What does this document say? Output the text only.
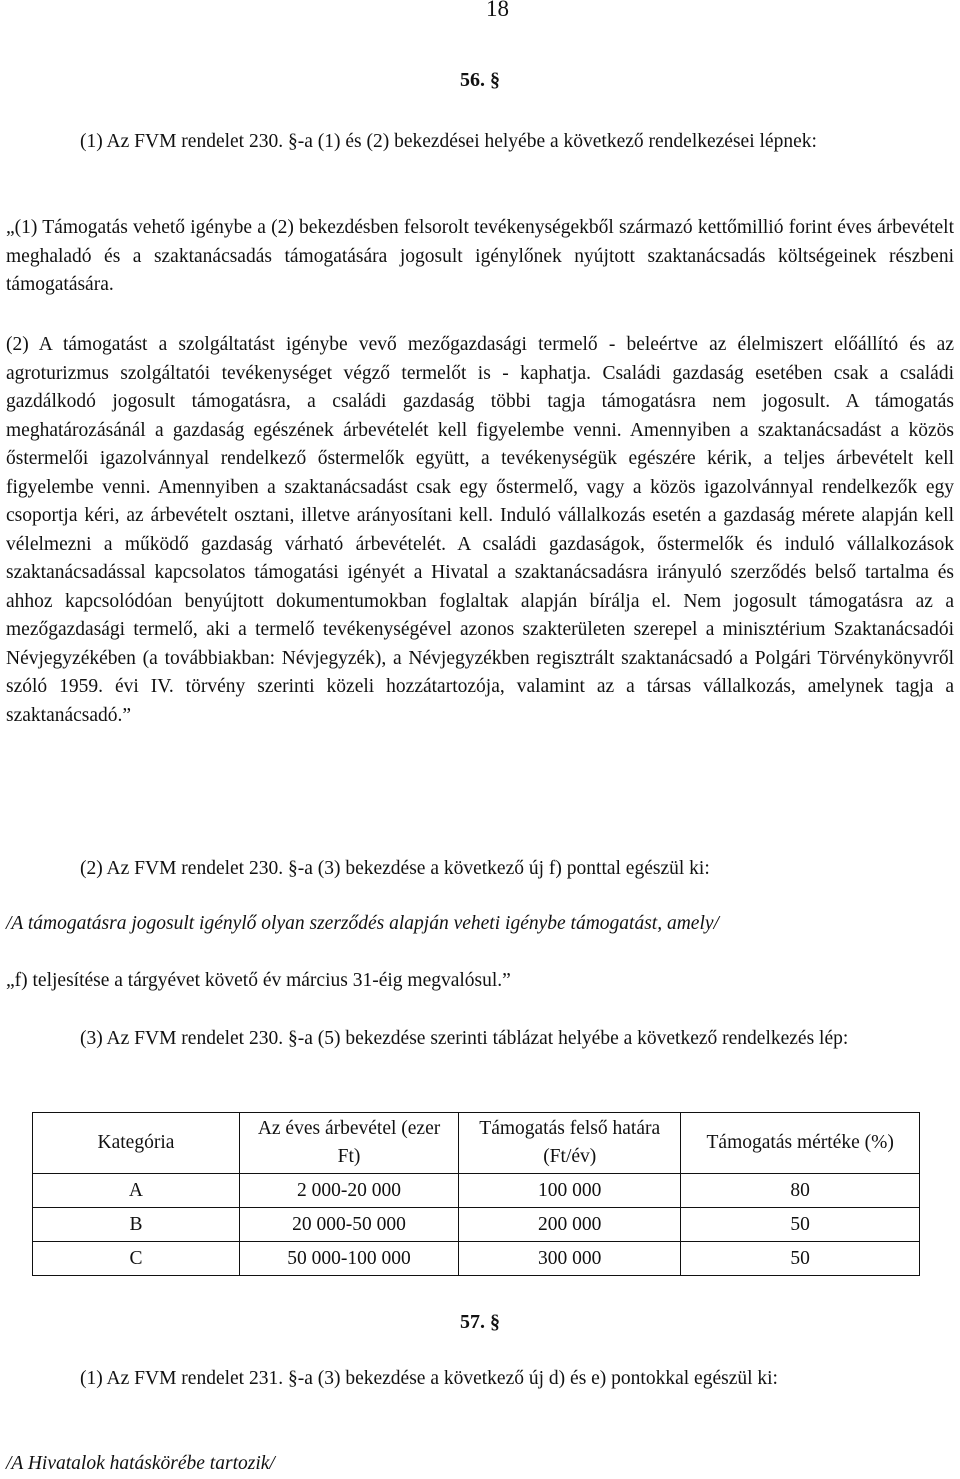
18
56. §

(1) Az FVM rendelet 230. §-a (1) és (2) bekezdései helyébe a következő rendelkezései lépnek:

„(1) Támogatás vehető igénybe a (2) bekezdésben felsorolt tevékenységekből származó kettőmillió forint éves árbevételt meghaladó és a szaktanácsadás támogatására jogosult igénylőnek nyújtott szaktanácsadás költségeinek részbeni támogatására.

(2) A támogatást a szolgáltatást igénybe vevő mezőgazdasági termelő - beleértve az élelmiszert előállító és az agroturizmus szolgáltatói tevékenységet végző termelőt is - kaphatja. Családi gazdaság esetében csak a családi gazdálkodó jogosult támogatásra, a családi gazdaság többi tagja támogatásra nem jogosult. A támogatás meghatározásánál a gazdaság egészének árbevételét kell figyelembe venni. Amennyiben a szaktanácsadást a közös őstermelői igazolvánnyal rendelkező őstermelők együtt, a tevékenységük egészére kérik, a teljes árbevételt kell figyelembe venni. Amennyiben a szaktanácsadást csak egy őstermelő, vagy a közös igazolvánnyal rendelkezők egy csoportja kéri, az árbevételt osztani, illetve arányosítani kell. Induló vállalkozás esetén a gazdaság mérete alapján kell vélelmezni a működő gazdaság várható árbevételét. A családi gazdaságok, őstermelők és induló vállalkozások szaktanácsadással kapcsolatos támogatási igényét a Hivatal a szaktanácsadásra irányuló szerződés belső tartalma és ahhoz kapcsolódóan benyújtott dokumentumokban foglaltak alapján bírálja el. Nem jogosult támogatásra az a mezőgazdasági termelő, aki a termelő tevékenységével azonos szakterületen szerepel a minisztérium Szaktanácsadói Névjegyzékében (a továbbiakban: Névjegyzék), a Névjegyzékben regisztrált szaktanácsadó a Polgári Törvénykönyvről szóló 1959. évi IV. törvény szerinti közeli hozzátartozója, valamint az a társas vállalkozás, amelynek tagja a szaktanácsadó.”

(2) Az FVM rendelet 230. §-a (3) bekezdése a következő új f) ponttal egészül ki:

/A támogatásra jogosult igénylő olyan szerződés alapján veheti igénybe támogatást, amely/

„f) teljesítése a tárgyévet követő év március 31-éig megvalósul.”

(3) Az FVM rendelet 230. §-a (5) bekezdése szerinti táblázat helyébe a következő rendelkezés lép:

Kategória	Az éves árbevétel (ezer Ft)	Támogatás felső határa (Ft/év)	Támogatás mértéke (%)
A	2 000-20 000	100 000	80
B	20 000-50 000	200 000	50
C	50 000-100 000	300 000	50
57. §

(1) Az FVM rendelet 231. §-a (3) bekezdése a következő új d) és e) pontokkal egészül ki:

/A Hivatalok hatáskörébe tartozik/
